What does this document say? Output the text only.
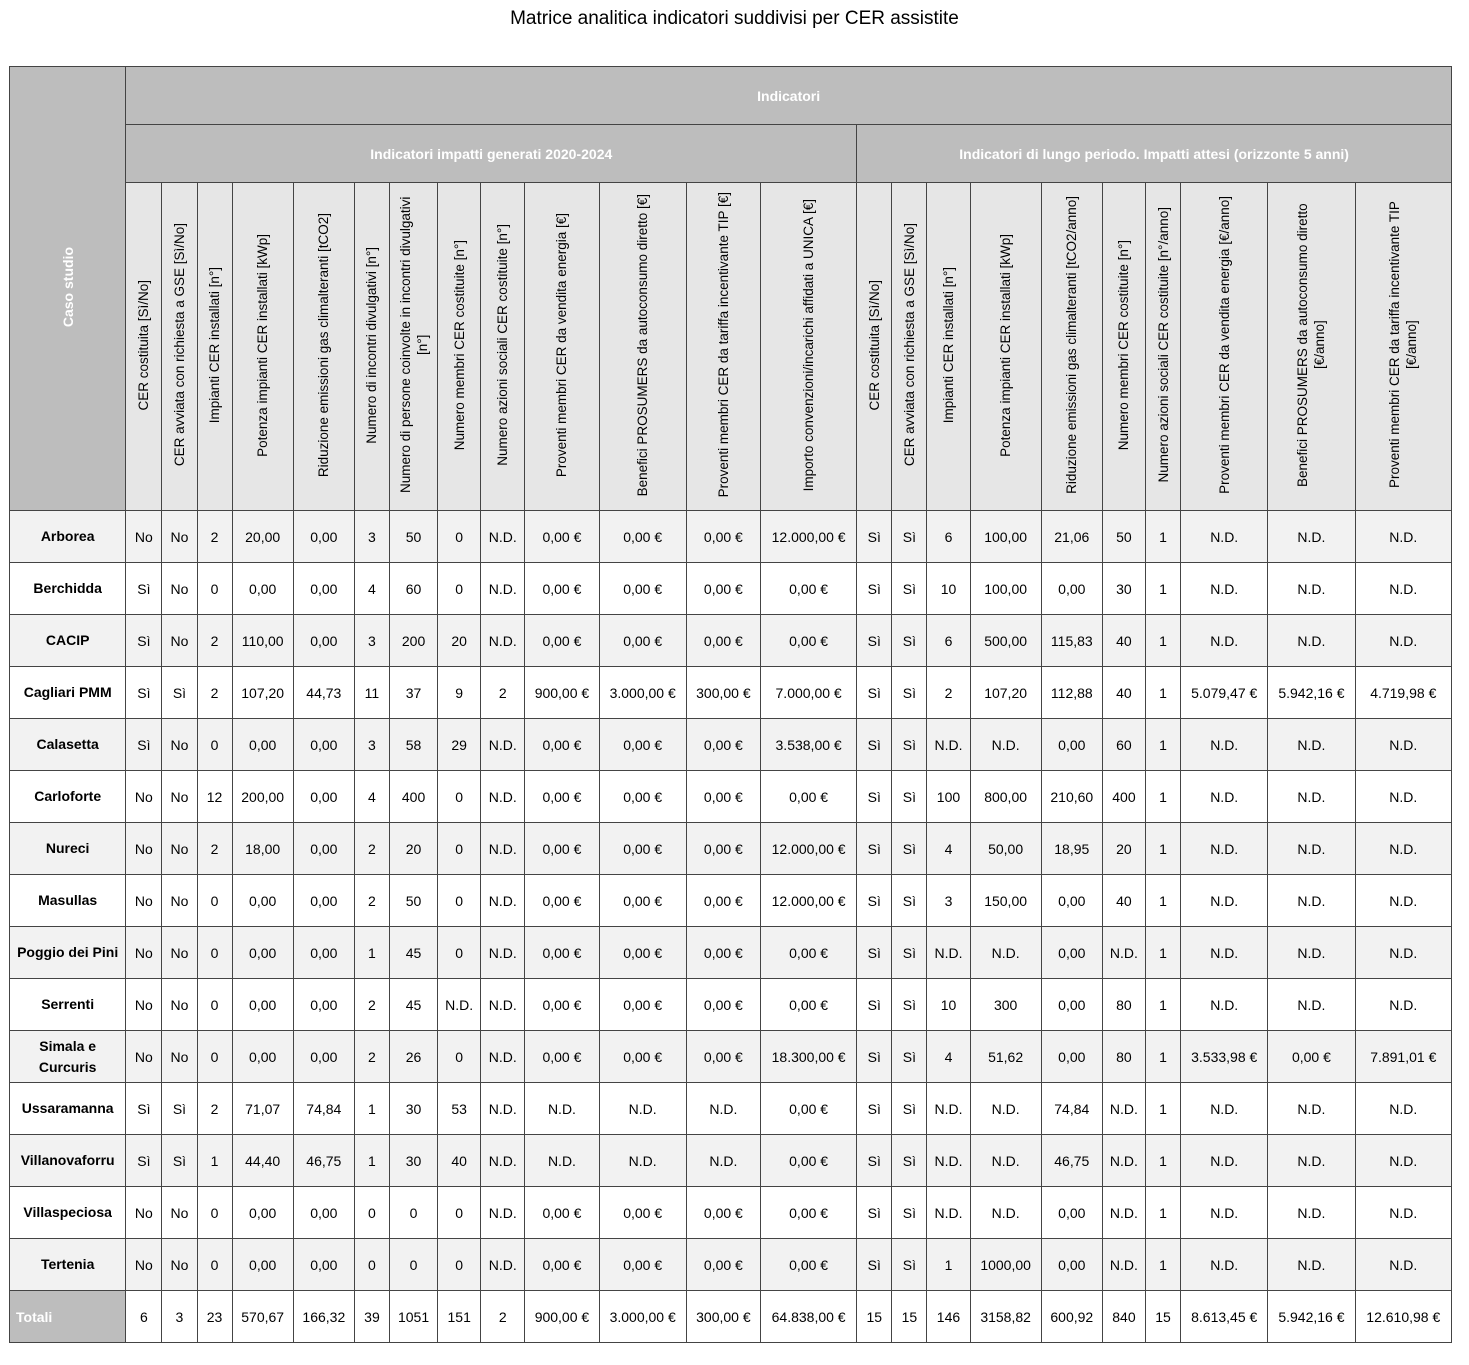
Matrice analitica indicatori suddivisi per CER assistite
Caso studio	Indicatori																						
	Indicatori impatti generati 2020-2024													Indicatori di lungo periodo. Impatti attesi (orizzonte 5 anni)									
	CER costituita [Sì/No]	CER avviata con richiesta a GSE [Sì/No]	Impianti CER installati [n°]	Potenza impianti CER installati [kWp]	Riduzione emissioni gas climalteranti [tCO2]	Numero di incontri divulgativi [n°]	Numero di persone coinvolte in incontri divulgativi [n°]	Numero membri CER costituite [n°]	Numero azioni sociali CER costituite [n°]	Proventi membri CER da vendita energia [€]	Benefici PROSUMERS da autoconsumo diretto [€]	Proventi membri CER da tariffa incentivante TIP [€]	Importo convenzioni/incarichi affidati a UNICA [€]	CER costituita [Sì/No]	CER avviata con richiesta a GSE [Sì/No]	Impianti CER installati [n°]	Potenza impianti CER installati [kWp]	Riduzione emissioni gas climalteranti [tCO2/anno]	Numero membri CER costituite [n°]	Numero azioni sociali CER costituite [n°/anno]	Proventi membri CER da vendita energia [€/anno]	Benefici PROSUMERS da autoconsumo diretto [€/anno]	Proventi membri CER da tariffa incentivante TIP [€/anno]
Arborea	No	No	2	20,00	0,00	3	50	0	N.D.	0,00 €	0,00 €	0,00 €	12.000,00 €	Sì	Sì	6	100,00	21,06	50	1	N.D.	N.D.	N.D.
Berchidda	Sì	No	0	0,00	0,00	4	60	0	N.D.	0,00 €	0,00 €	0,00 €	0,00 €	Sì	Sì	10	100,00	0,00	30	1	N.D.	N.D.	N.D.
CACIP	Sì	No	2	110,00	0,00	3	200	20	N.D.	0,00 €	0,00 €	0,00 €	0,00 €	Sì	Sì	6	500,00	115,83	40	1	N.D.	N.D.	N.D.
Cagliari PMM	Sì	Sì	2	107,20	44,73	11	37	9	2	900,00 €	3.000,00 €	300,00 €	7.000,00 €	Sì	Sì	2	107,20	112,88	40	1	5.079,47 €	5.942,16 €	4.719,98 €
Calasetta	Sì	No	0	0,00	0,00	3	58	29	N.D.	0,00 €	0,00 €	0,00 €	3.538,00 €	Sì	Sì	N.D.	N.D.	0,00	60	1	N.D.	N.D.	N.D.
Carloforte	No	No	12	200,00	0,00	4	400	0	N.D.	0,00 €	0,00 €	0,00 €	0,00 €	Sì	Sì	100	800,00	210,60	400	1	N.D.	N.D.	N.D.
Nureci	No	No	2	18,00	0,00	2	20	0	N.D.	0,00 €	0,00 €	0,00 €	12.000,00 €	Sì	Sì	4	50,00	18,95	20	1	N.D.	N.D.	N.D.
Masullas	No	No	0	0,00	0,00	2	50	0	N.D.	0,00 €	0,00 €	0,00 €	12.000,00 €	Sì	Sì	3	150,00	0,00	40	1	N.D.	N.D.	N.D.
Poggio dei Pini	No	No	0	0,00	0,00	1	45	0	N.D.	0,00 €	0,00 €	0,00 €	0,00 €	Sì	Sì	N.D.	N.D.	0,00	N.D.	1	N.D.	N.D.	N.D.
Serrenti	No	No	0	0,00	0,00	2	45	N.D.	N.D.	0,00 €	0,00 €	0,00 €	0,00 €	Sì	Sì	10	300	0,00	80	1	N.D.	N.D.	N.D.
Simala e Curcuris	No	No	0	0,00	0,00	2	26	0	N.D.	0,00 €	0,00 €	0,00 €	18.300,00 €	Sì	Sì	4	51,62	0,00	80	1	3.533,98 €	0,00 €	7.891,01 €
Ussaramanna	Sì	Sì	2	71,07	74,84	1	30	53	N.D.	N.D.	N.D.	N.D.	0,00 €	Sì	Sì	N.D.	N.D.	74,84	N.D.	1	N.D.	N.D.	N.D.
Villanovaforru	Sì	Sì	1	44,40	46,75	1	30	40	N.D.	N.D.	N.D.	N.D.	0,00 €	Sì	Sì	N.D.	N.D.	46,75	N.D.	1	N.D.	N.D.	N.D.
Villaspeciosa	No	No	0	0,00	0,00	0	0	0	N.D.	0,00 €	0,00 €	0,00 €	0,00 €	Sì	Sì	N.D.	N.D.	0,00	N.D.	1	N.D.	N.D.	N.D.
Tertenia	No	No	0	0,00	0,00	0	0	0	N.D.	0,00 €	0,00 €	0,00 €	0,00 €	Sì	Sì	1	1000,00	0,00	N.D.	1	N.D.	N.D.	N.D.
Totali	6	3	23	570,67	166,32	39	1051	151	2	900,00 €	3.000,00 €	300,00 €	64.838,00 €	15	15	146	3158,82	600,92	840	15	8.613,45 €	5.942,16 €	12.610,98 €
